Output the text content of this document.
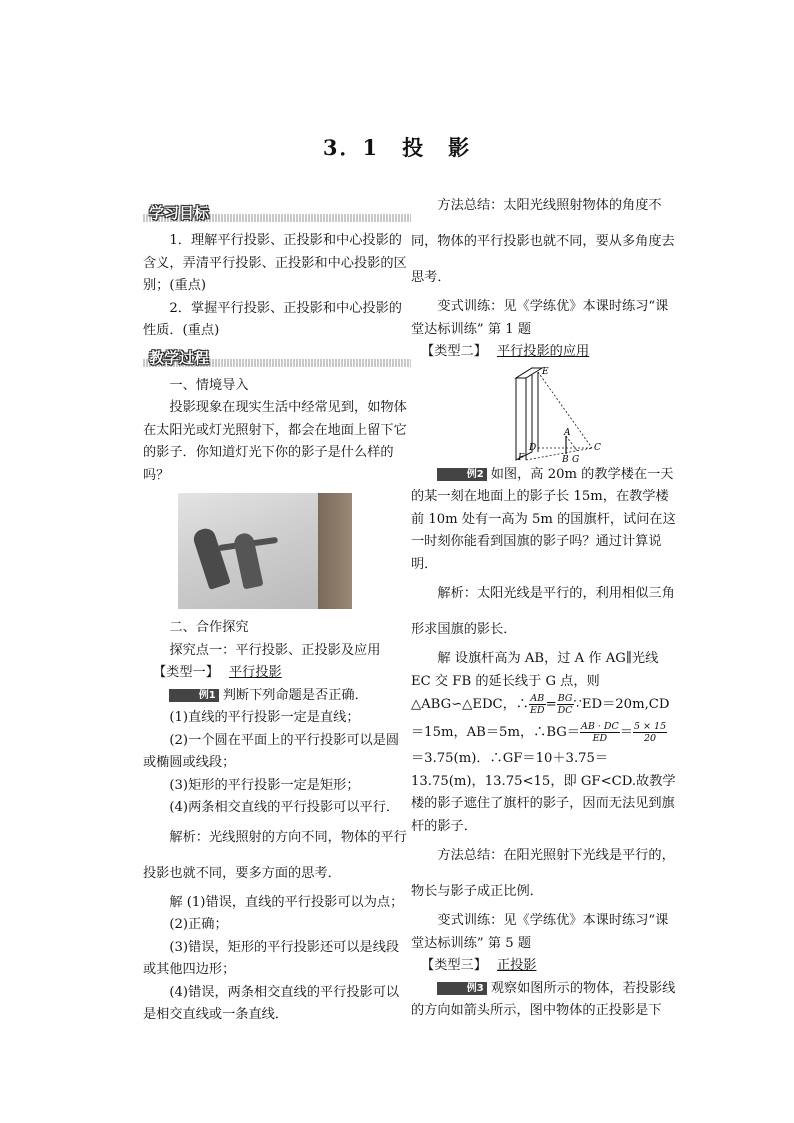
3．1　投　影
学习目标

1．理解平行投影、正投影和中心投影的含义，弄清平行投影、正投影和中心投影的区别；(重点)

2．掌握平行投影、正投影和中心投影的性质．(重点)

教学过程

一、情境导入

投影现象在现实生活中经常见到，如物体在太阳光或灯光照射下，都会在地面上留下它的影子．你知道灯光下你的影子是什么样的吗？

二、合作探究

探究点一：平行投影、正投影及应用

【类型一】 平行投影

例1 判断下列命题是否正确．

(1)直线的平行投影一定是直线；

(2)一个圆在平面上的平行投影可以是圆或椭圆或线段；

(3)矩形的平行投影一定是矩形；

(4)两条相交直线的平行投影可以平行．

解析：光线照射的方向不同，物体的平行投影也就不同，要多方面的思考．

解 (1)错误，直线的平行投影可以为点；

(2)正确；

(3)错误，矩形的平行投影还可以是线段或其他四边形；

(4)错误，两条相交直线的平行投影可以是相交直线或一条直线．

方法总结：太阳光线照射物体的角度不同，物体的平行投影也就不同，要从多角度去思考．

变式训练：见《学练优》本课时练习“课堂达标训练” 第 1 题

【类型二】 平行投影的应用

E
D
A
F	B G
C

例2 如图，高 20m 的教学楼在一天的某一刻在地面上的影子长 15m，在教学楼前 10m 处有一高为 5m 的国旗杆，试问在这一时刻你能看到国旗的影子吗？通过计算说明．

解析：太阳光线是平行的，利用相似三角形求国旗的影长．

解 设旗杆高为 AB，过 A 作 AG∥光线 EC 交 FB 的延长线于 G 点，则

△ABG∽△EDC，∴ $\frac{AB}{ED} = \frac{BG}{DC}$ ∵ED＝20m,CD

＝15m，AB＝5m，∴BG＝ $\frac{AB \cdot DC}{ED} = \frac{5 \times 15}{20}$

＝3.75(m)．∴GF＝10＋3.75＝13.75(m)，13.75<15，即 GF<CD.故教学楼的影子遮住了旗杆的影子，因而无法见到旗杆的影子．

方法总结：在阳光照射下光线是平行的，物长与影子成正比例．

变式训练：见《学练优》本课时练习“课堂达标训练” 第 5 题

【类型三】 正投影

例3 观察如图所示的物体，若投影线的方向如箭头所示，图中物体的正投影是下
